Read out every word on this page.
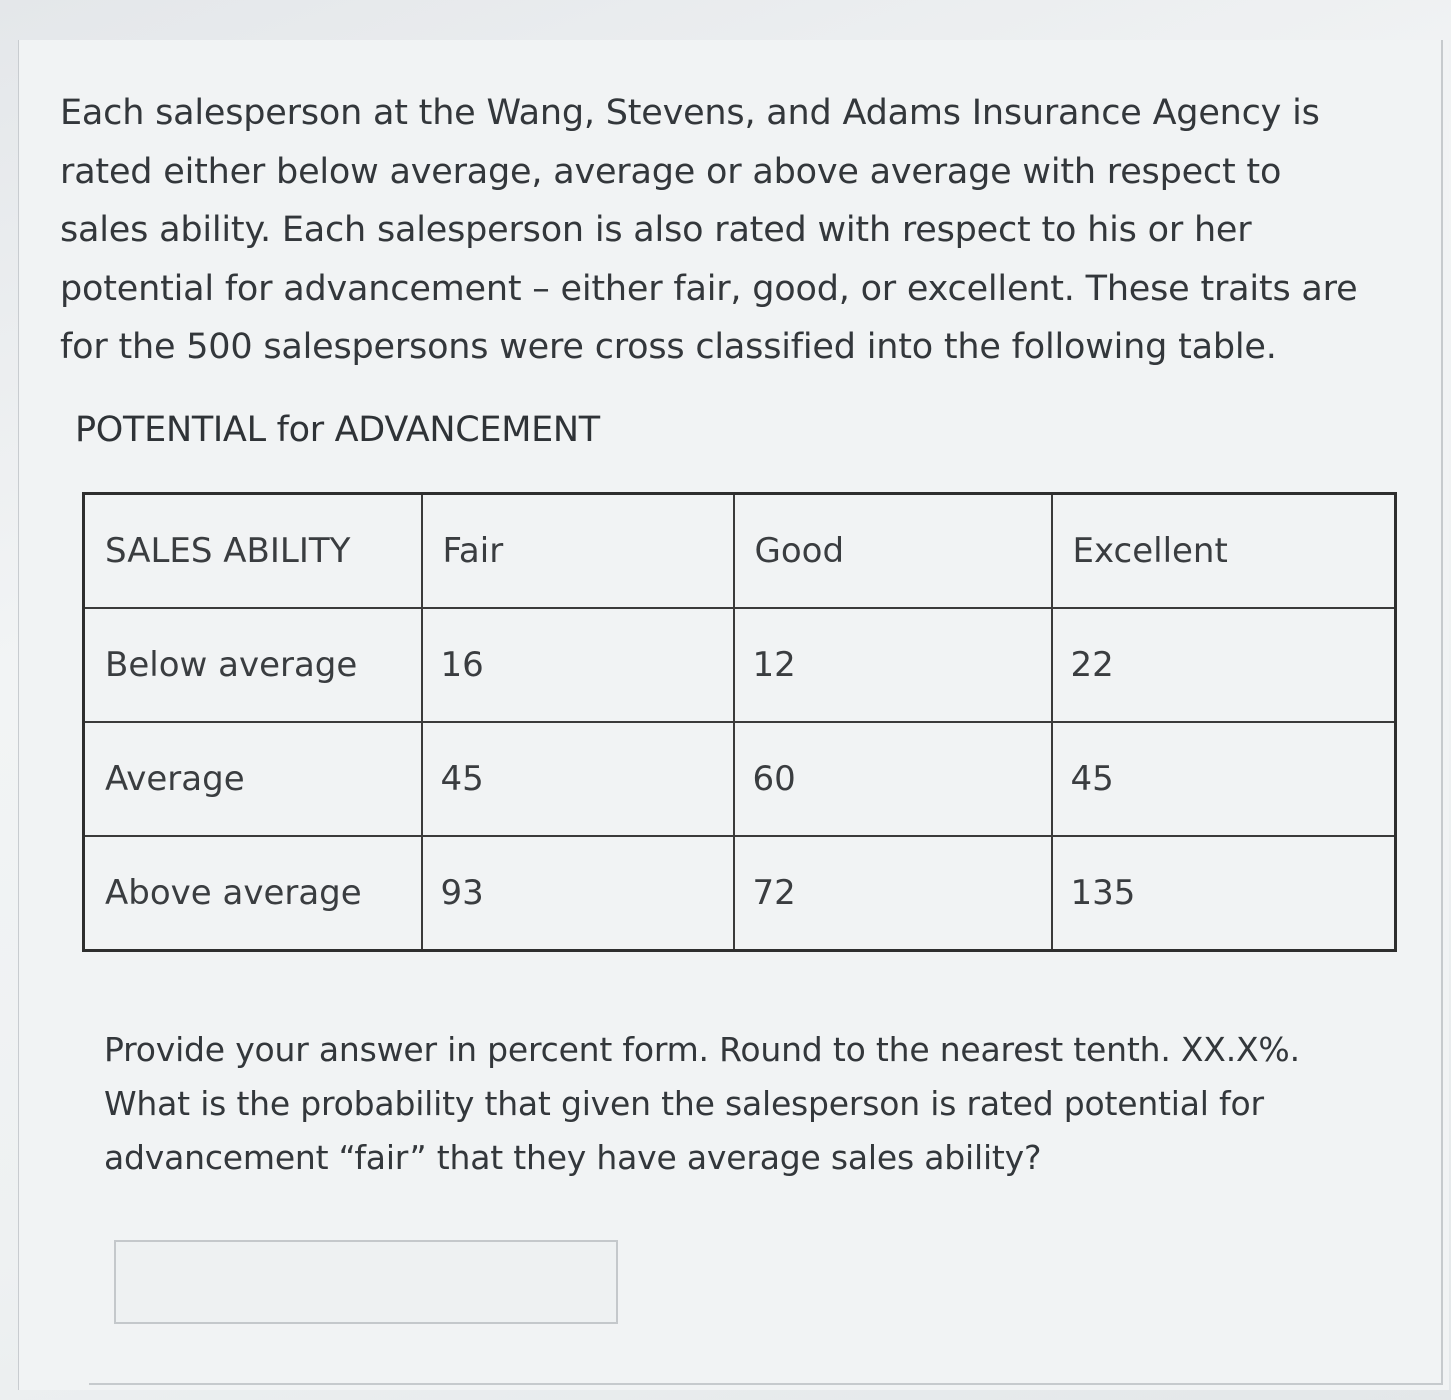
Each salesperson at the Wang, Stevens, and Adams Insurance Agency is rated either below average, average or above average with respect to sales ability. Each salesperson is also rated with respect to his or her potential for advancement – either fair, good, or excellent. These traits are for the 500 salespersons were cross classified into the following table.

POTENTIAL for ADVANCEMENT

SALES ABILITY	Fair	Good	Excellent
Below average	16	12	22
Average	45	60	45
Above average	93	72	135

Provide your answer in percent form. Round to the nearest tenth. XX.X%. What is the probability that given the salesperson is rated potential for advancement “fair” that they have average sales ability?
